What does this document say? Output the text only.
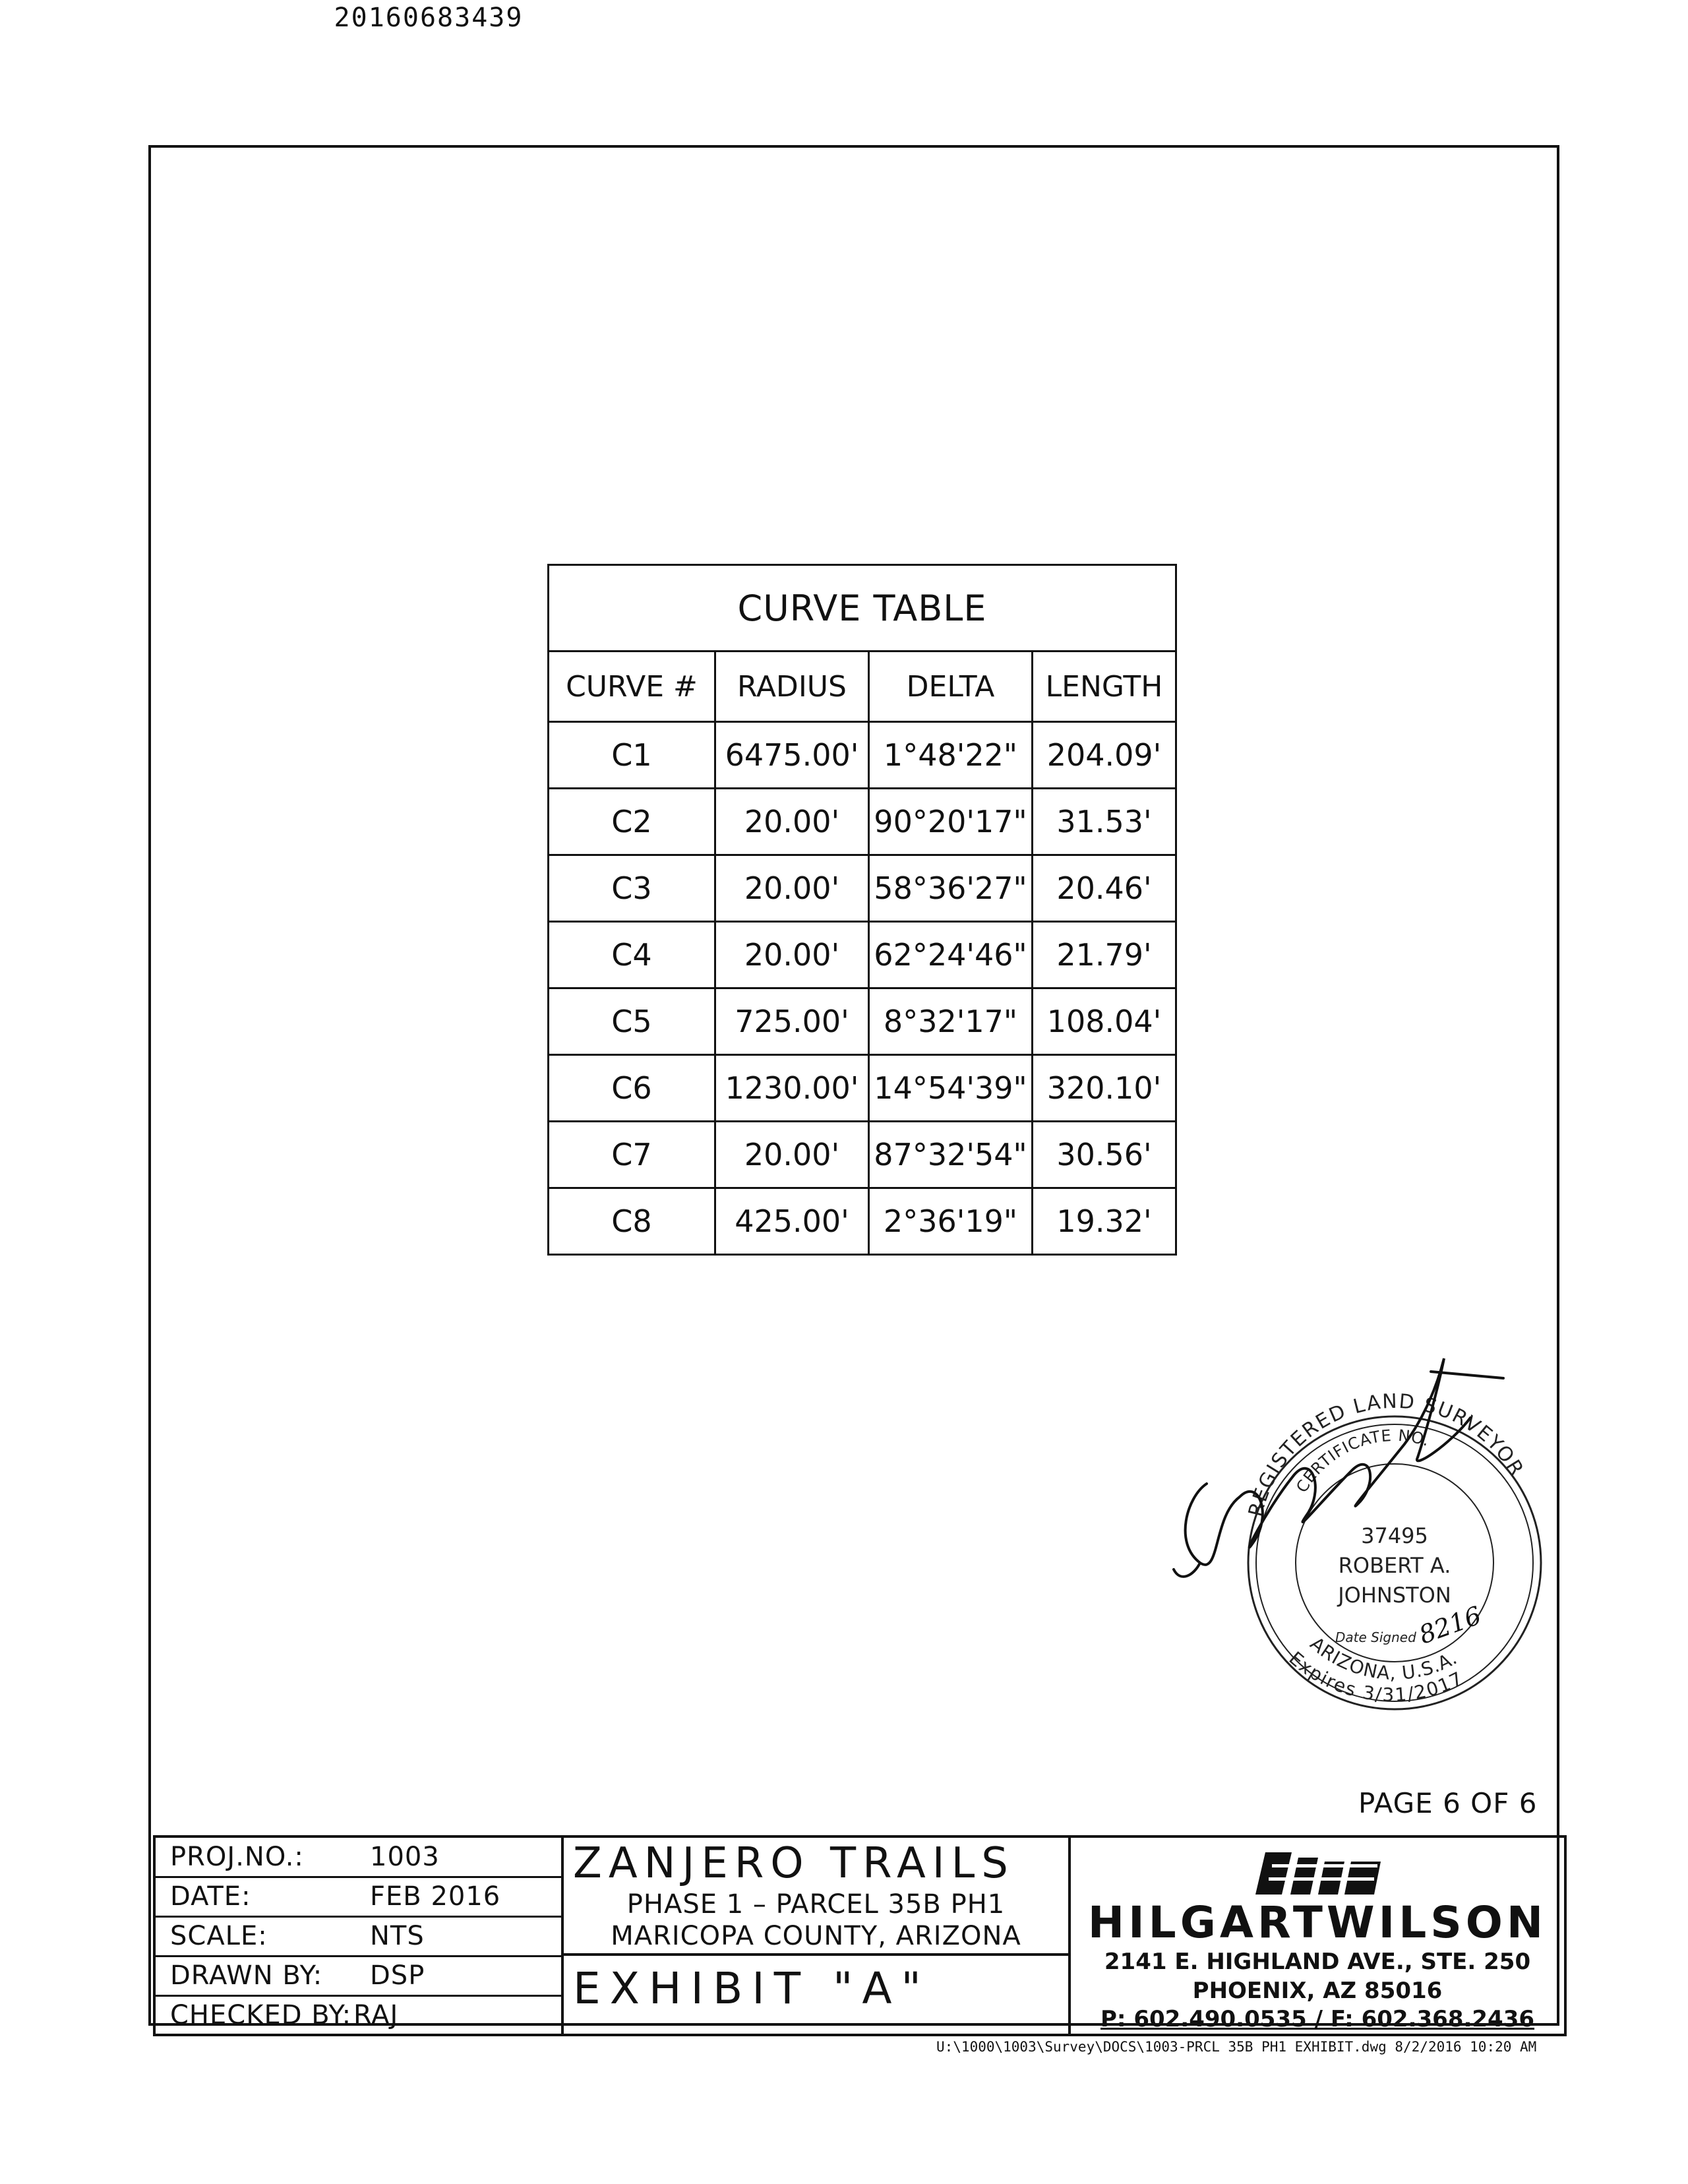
20160683439
CURVE TABLE			
CURVE #	RADIUS	DELTA	LENGTH
C1	6475.00'	1°48'22"	204.09'
C2	20.00'	90°20'17"	31.53'
C3	20.00'	58°36'27"	20.46'
C4	20.00'	62°24'46"	21.79'
C5	725.00'	8°32'17"	108.04'
C6	1230.00'	14°54'39"	320.10'
C7	20.00'	87°32'54"	30.56'
C8	425.00'	2°36'19"	19.32'
REGISTERED LAND SURVEYOR
CERTIFICATE NO.
37495
ROBERT A.
JOHNSTON
Date Signed
8216
ARIZONA, U.S.A.
Expires 3/31/2017
PAGE 6 OF 6
PROJ.NO.:	1003
DATE:	FEB 2016
SCALE:	NTS
DRAWN BY: DSP
CHECKED BY: RAJ
ZANJERO TRAILS
PHASE 1 – PARCEL 35B PH1
MARICOPA COUNTY, ARIZONA
EXHIBIT "A"
HILGARTWILSON
2141 E. HIGHLAND AVE., STE. 250
PHOENIX, AZ 85016
P: 602.490.0535 / F: 602.368.2436
U:\1000\1003\Survey\DOCS\1003-PRCL 35B PH1 EXHIBIT.dwg 8/2/2016 10:20 AM
